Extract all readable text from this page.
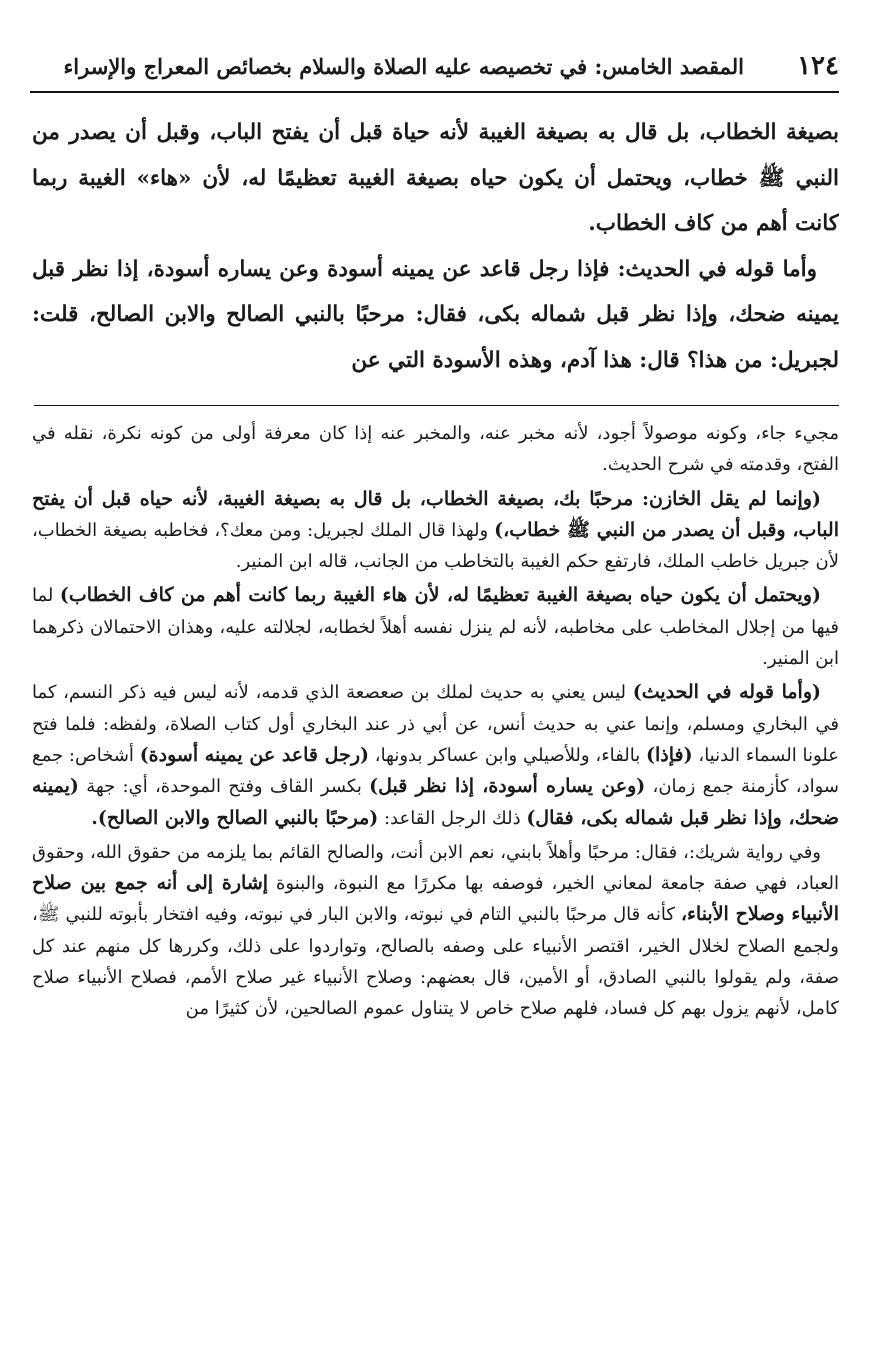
١٢٤
المقصد الخامس: في تخصيصه عليه الصلاة والسلام بخصائص المعراج والإسراء

بصيغة الخطاب، بل قال به بصيغة الغيبة لأنه حياة قبل أن يفتح الباب، وقبل أن يصدر من النبي ﷺ خطاب، ويحتمل أن يكون حياه بصيغة الغيبة تعظيمًا له، لأن «هاء» الغيبة ربما كانت أهم من كاف الخطاب.

وأما قوله في الحديث: فإذا رجل قاعد عن يمينه أسودة وعن يساره أسودة، إذا نظر قبل يمينه ضحك، وإذا نظر قبل شماله بكى، فقال: مرحبًا بالنبي الصالح والابن الصالح، قلت: لجبريل: من هذا؟ قال: هذا آدم، وهذه الأسودة التي عن

مجيء جاء، وكونه موصولاً أجود، لأنه مخبر عنه، والمخبر عنه إذا كان معرفة أولى من كونه نكرة، نقله في الفتح، وقدمته في شرح الحديث.

(وإنما لم يقل الخازن: مرحبًا بك، بصيغة الخطاب، بل قال به بصيغة الغيبة، لأنه حياه قبل أن يفتح الباب، وقبل أن يصدر من النبي ﷺ خطاب،) ولهذا قال الملك لجبريل: ومن معك؟، فخاطبه بصيغة الخطاب، لأن جبريل خاطب الملك، فارتفع حكم الغيبة بالتخاطب من الجانب، قاله ابن المنير.

(ويحتمل أن يكون حياه بصيغة الغيبة تعظيمًا له، لأن هاء الغيبة ربما كانت أهم من كاف الخطاب) لما فيها من إجلال المخاطب على مخاطبه، لأنه لم ينزل نفسه أهلاً لخطابه، لجلالته عليه، وهذان الاحتمالان ذكرهما ابن المنير.

(وأما قوله في الحديث) ليس يعني به حديث لملك بن صعصعة الذي قدمه، لأنه ليس فيه ذكر النسم، كما في البخاري ومسلم، وإنما عني به حديث أنس، عن أبي ذر عند البخاري أول كتاب الصلاة، ولفظه: فلما فتح علونا السماء الدنيا، (فإذا) بالفاء، وللأصيلي وابن عساكر بدونها، (رجل قاعد عن يمينه أسودة) أشخاص: جمع سواد، كأزمنة جمع زمان، (وعن يساره أسودة، إذا نظر قبل) بكسر القاف وفتح الموحدة، أي: جهة (يمينه ضحك، وإذا نظر قبل شماله بكى، فقال) ذلك الرجل القاعد: (مرحبًا بالنبي الصالح والابن الصالح).

وفي رواية شريك:، فقال: مرحبًا وأهلاً بابني، نعم الابن أنت، والصالح القائم بما يلزمه من حقوق الله، وحقوق العباد، فهي صفة جامعة لمعاني الخير، فوصفه بها مكررًا مع النبوة، والبنوة إشارة إلى أنه جمع بين صلاح الأنبياء وصلاح الأبناء، كأنه قال مرحبًا بالنبي التام في نبوته، والابن البار في نبوته، وفيه افتخار بأبوته للنبي ﷺ، ولجمع الصلاح لخلال الخير، اقتصر الأنبياء على وصفه بالصالح، وتواردوا على ذلك، وكررها كل منهم عند كل صفة، ولم يقولوا بالنبي الصادق، أو الأمين، قال بعضهم: وصلاح الأنبياء غير صلاح الأمم، فصلاح الأنبياء صلاح كامل، لأنهم يزول بهم كل فساد، فلهم صلاح خاص لا يتناول عموم الصالحين، لأن كثيرًا من
